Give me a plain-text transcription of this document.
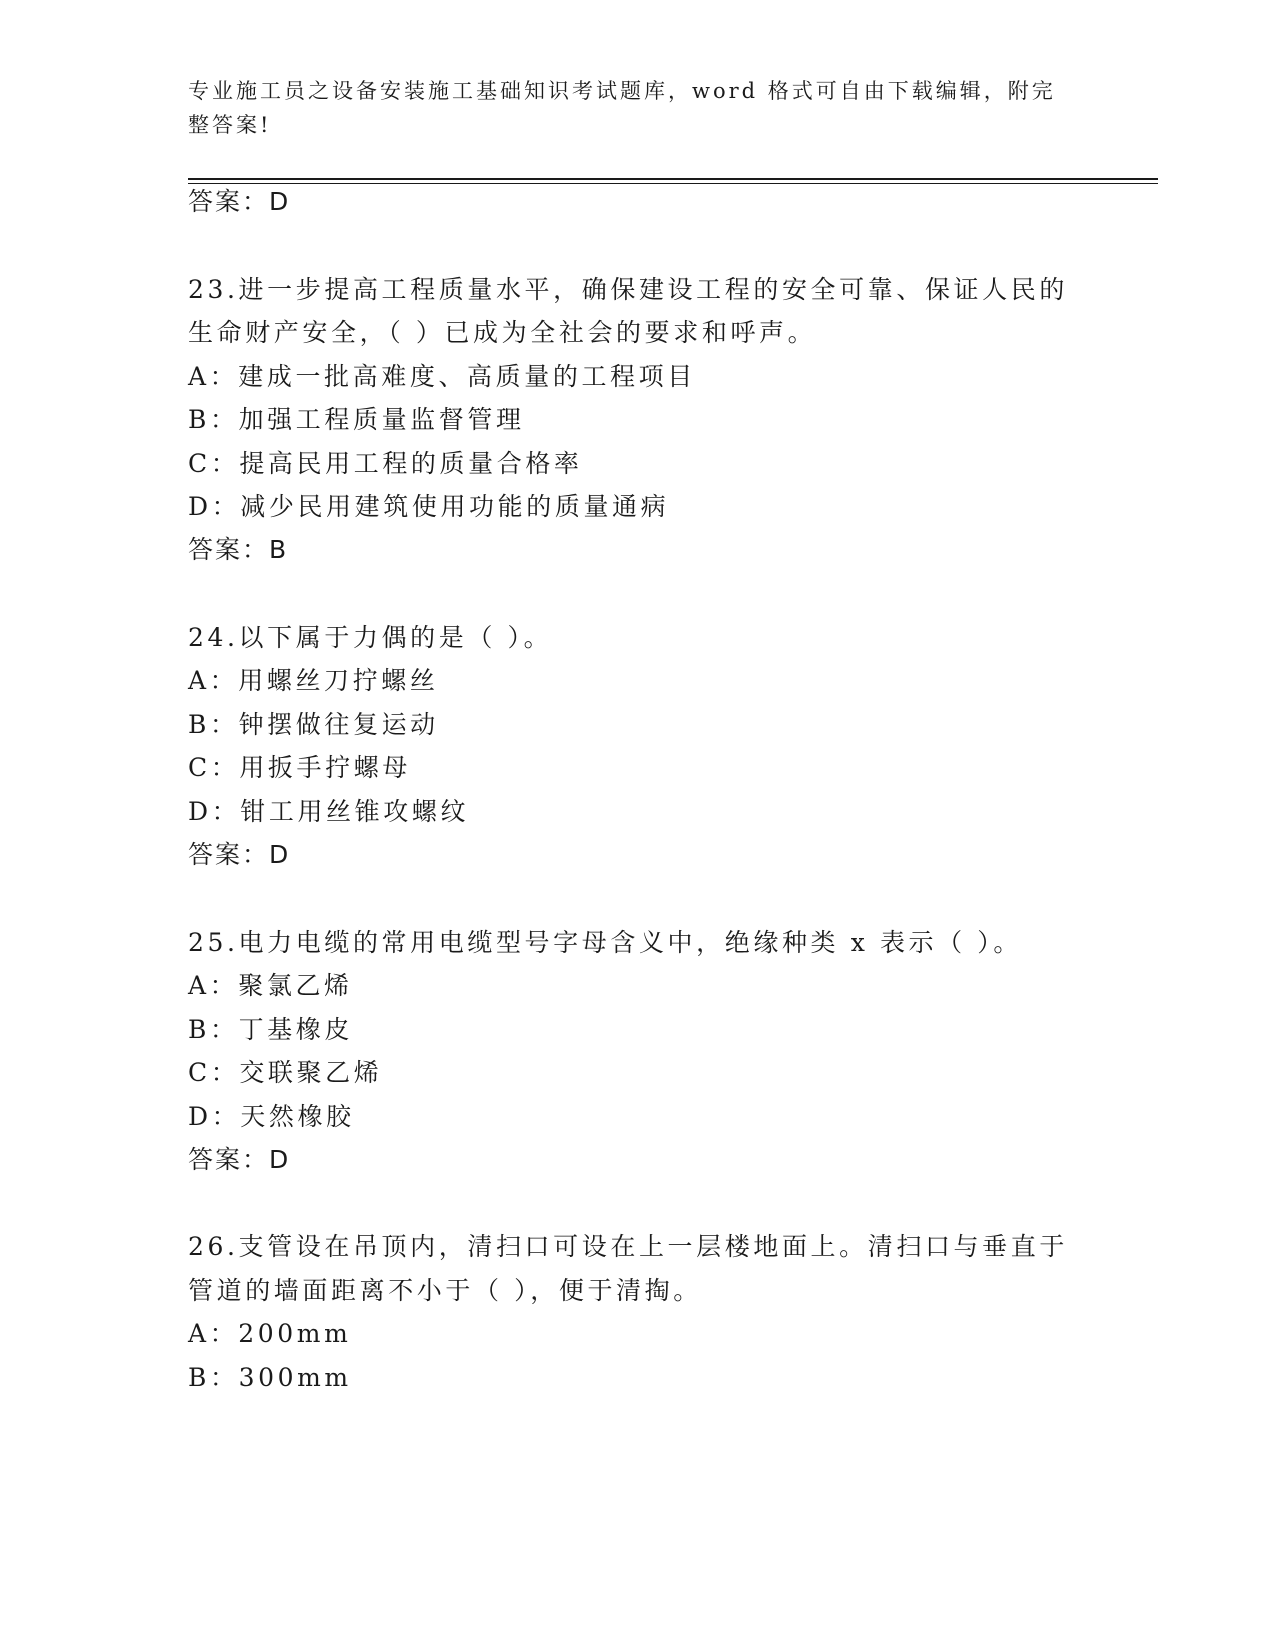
专业施工员之设备安装施工基础知识考试题库，word 格式可自由下载编辑，附完
整答案!
答案：D
23.进一步提高工程质量水平，确保建设工程的安全可靠、保证人民的
生命财产安全，（ ）已成为全社会的要求和呼声。
A：建成一批高难度、高质量的工程项目
B：加强工程质量监督管理
C：提高民用工程的质量合格率
D：减少民用建筑使用功能的质量通病
答案：B
24.以下属于力偶的是（ ）。
A：用螺丝刀拧螺丝
B：钟摆做往复运动
C：用扳手拧螺母
D：钳工用丝锥攻螺纹
答案：D
25.电力电缆的常用电缆型号字母含义中，绝缘种类 x 表示（ ）。
A：聚氯乙烯
B：丁基橡皮
C：交联聚乙烯
D：天然橡胶
答案：D
26.支管设在吊顶内，清扫口可设在上一层楼地面上。清扫口与垂直于
管道的墙面距离不小于（ ），便于清掏。
A：200mm
B：300mm
